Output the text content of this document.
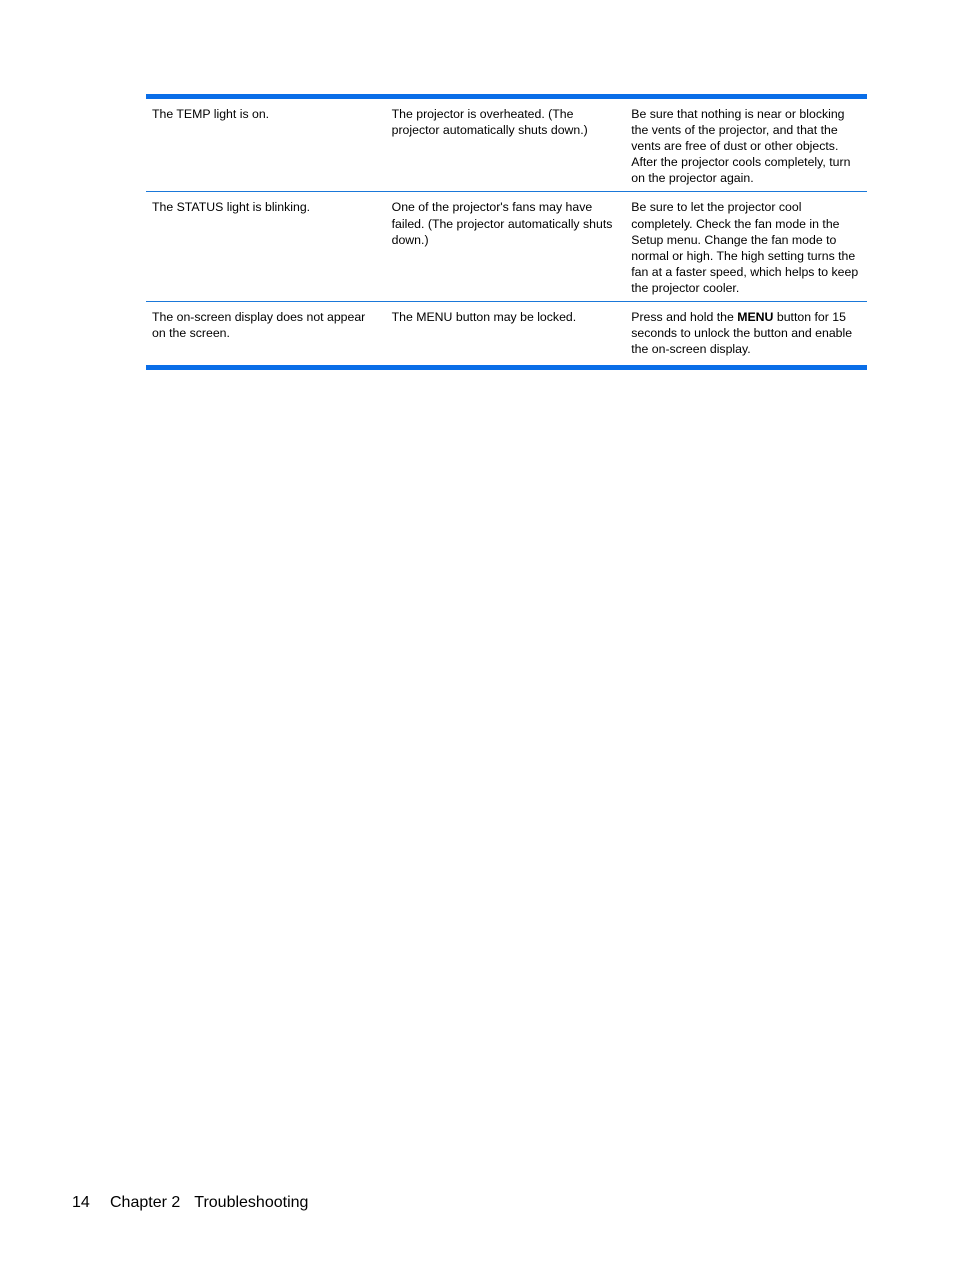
The TEMP light is on.	The projector is overheated. (The projector automatically shuts down.)	Be sure that nothing is near or blocking the vents of the projector, and that the vents are free of dust or other objects. After the projector cools completely, turn on the projector again.
The STATUS light is blinking.	One of the projector's fans may have failed. (The projector automatically shuts down.)	Be sure to let the projector cool completely. Check the fan mode in the Setup menu. Change the fan mode to normal or high. The high setting turns the fan at a faster speed, which helps to keep the projector cooler.
The on-screen display does not appear on the screen.	The MENU button may be locked.	Press and hold the MENU button for 15 seconds to unlock the button and enable the on-screen display.
14 Chapter 2 Troubleshooting
